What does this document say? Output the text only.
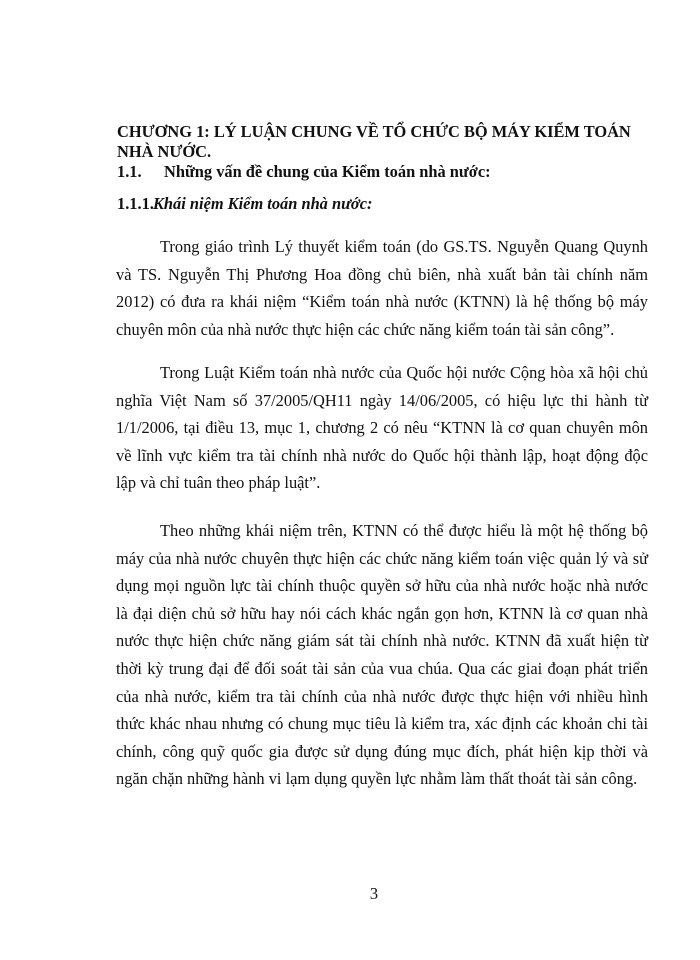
CHƯƠNG 1: LÝ LUẬN CHUNG VỀ TỔ CHỨC BỘ MÁY KIỂM TOÁN NHÀ NƯỚC.
1.1. Những vấn đề chung của Kiểm toán nhà nước:
1.1.1.Khái niệm Kiểm toán nhà nước:

Trong giáo trình Lý thuyết kiểm toán (do GS.TS. Nguyễn Quang Quynh và TS. Nguyễn Thị Phương Hoa đồng chủ biên, nhà xuất bản tài chính năm 2012) có đưa ra khái niệm “Kiểm toán nhà nước (KTNN) là hệ thống bộ máy chuyên môn của nhà nước thực hiện các chức năng kiểm toán tài sản công”.

Trong Luật Kiểm toán nhà nước của Quốc hội nước Cộng hòa xã hội chủ nghĩa Việt Nam số 37/2005/QH11 ngày 14/06/2005, có hiệu lực thi hành từ 1/1/2006, tại điều 13, mục 1, chương 2 có nêu “KTNN là cơ quan chuyên môn về lĩnh vực kiểm tra tài chính nhà nước do Quốc hội thành lập, hoạt động độc lập và chỉ tuân theo pháp luật”.

Theo những khái niệm trên, KTNN có thể được hiểu là một hệ thống bộ máy của nhà nước chuyên thực hiện các chức năng kiểm toán việc quản lý và sử dụng mọi nguồn lực tài chính thuộc quyền sở hữu của nhà nước hoặc nhà nước là đại diện chủ sở hữu hay nói cách khác ngắn gọn hơn, KTNN là cơ quan nhà nước thực hiện chức năng giám sát tài chính nhà nước. KTNN đã xuất hiện từ thời kỳ trung đại để đối soát tài sản của vua chúa. Qua các giai đoạn phát triển của nhà nước, kiểm tra tài chính của nhà nước được thực hiện với nhiều hình thức khác nhau nhưng có chung mục tiêu là kiểm tra, xác định các khoản chi tài chính, công quỹ quốc gia được sử dụng đúng mục đích, phát hiện kịp thời và ngăn chặn những hành vi lạm dụng quyền lực nhằm làm thất thoát tài sản công.

3
